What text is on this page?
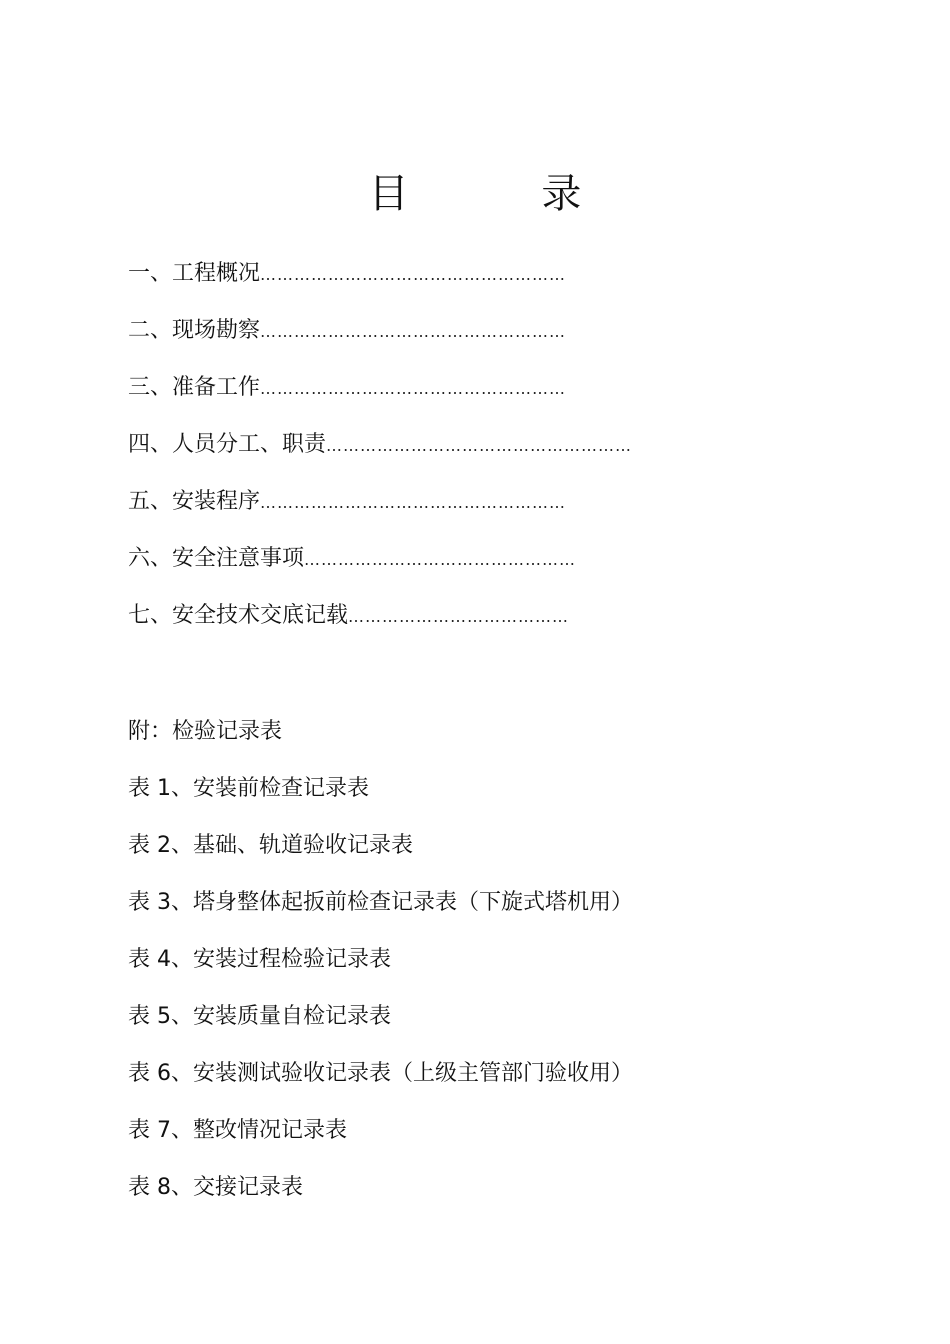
目 录
一、工程概况 ………………………………………………
二、现场勘察 ………………………………………………
三、准备工作 ………………………………………………
四、人员分工、职责 ………………………………………………
五、安装程序 ………………………………………………
六、安全注意事项 …………………………………………
七、安全技术交底记载 …………………………………
附：检验记录表
表 1、安装前检查记录表
表 2、基础、轨道验收记录表
表 3、塔身整体起扳前检查记录表（下旋式塔机用）
表 4、安装过程检验记录表
表 5、安装质量自检记录表
表 6、安装测试验收记录表（上级主管部门验收用）
表 7、整改情况记录表
表 8、交接记录表
